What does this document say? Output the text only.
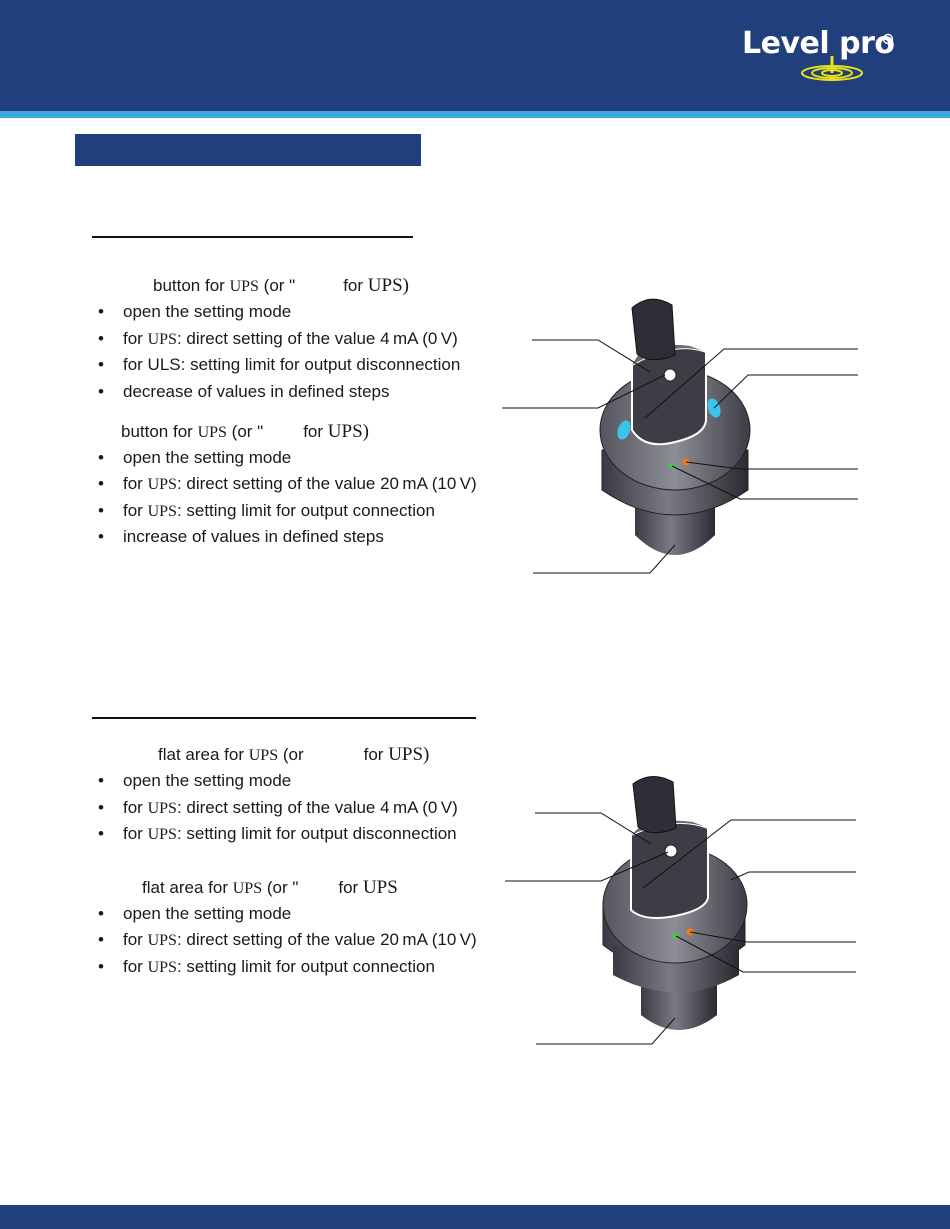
Level pro
button for UPS (or "	for UPS)
• open the setting mode
• for UPS: direct setting of the value 4 mA (0 V)
• for ULS: setting limit for output disconnection
• decrease of values in defined steps
button for UPS (or " for UPS)
• open the setting mode
• for UPS: direct setting of the value 20 mA (10 V)
• for UPS: setting limit for output connection
• increase of values in defined steps
flat area for UPS (or	for UPS)
• open the setting mode
• for UPS: direct setting of the value 4 mA (0 V)
• for UPS: setting limit for output disconnection
flat area for UPS (or " for UPS
• open the setting mode
• for UPS: direct setting of the value 20 mA (10 V)
• for UPS: setting limit for output connection
